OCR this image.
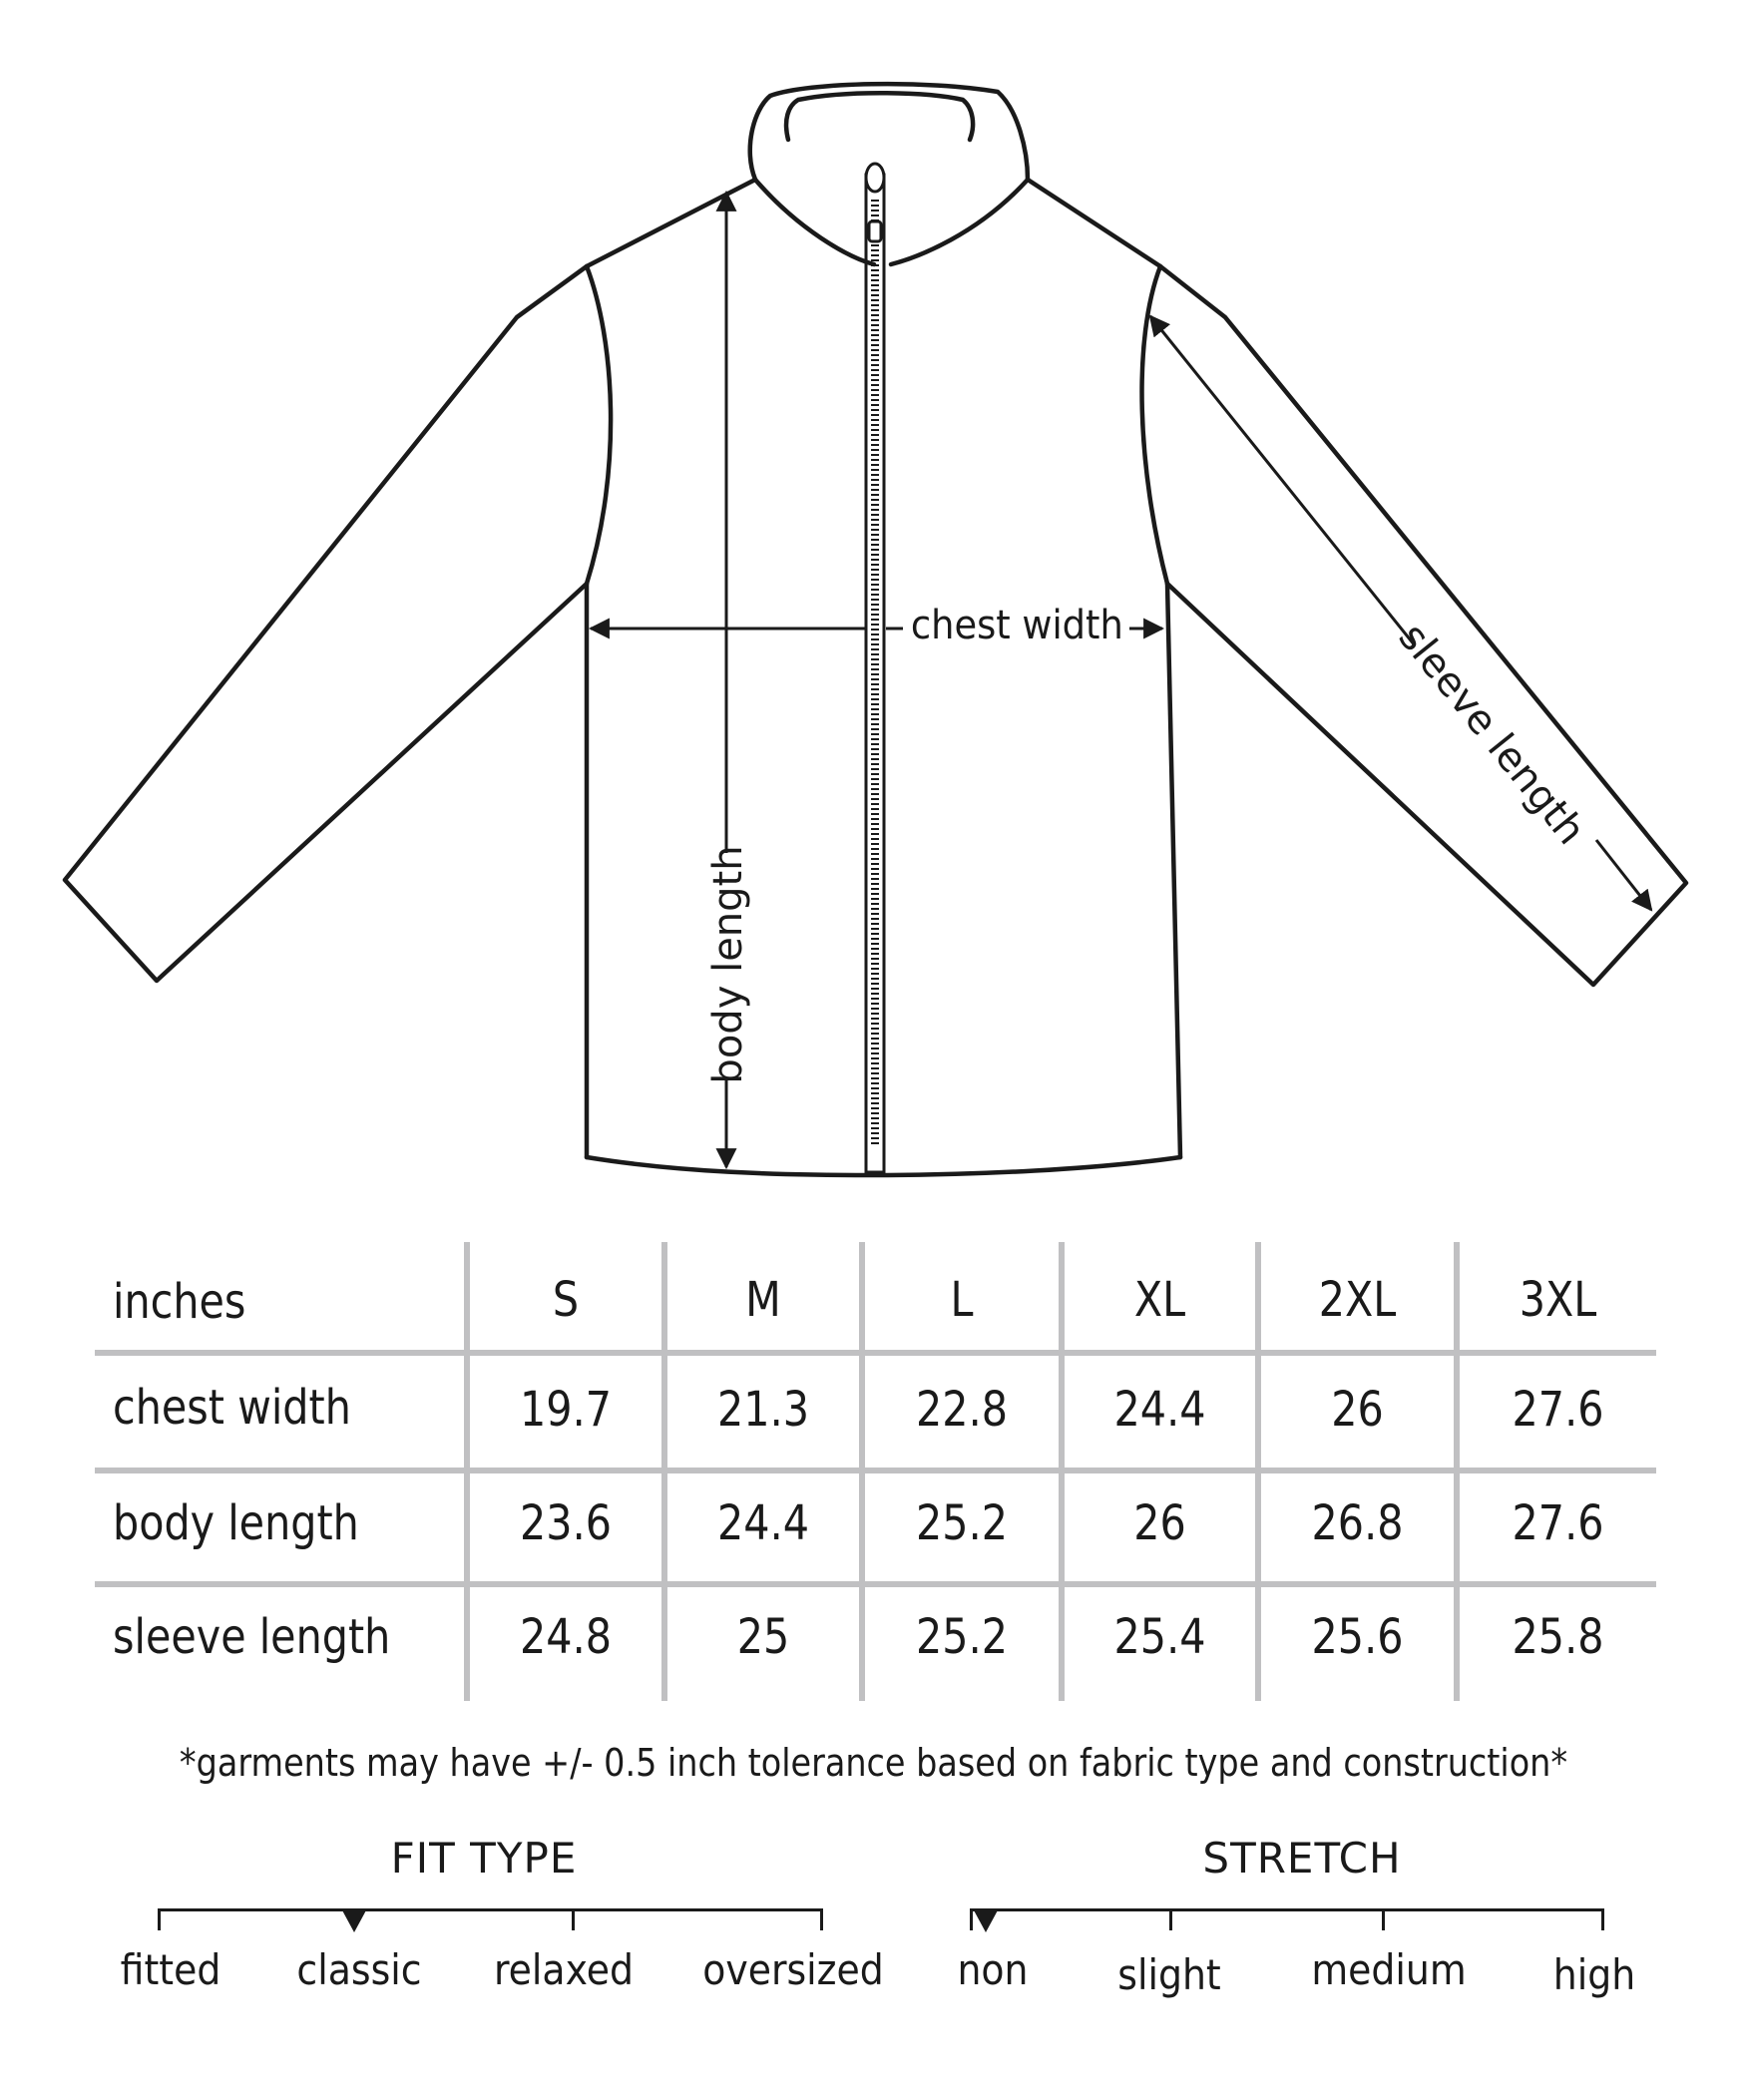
chest width
body length
sleeve length
inches	S	M	L	XL	2XL	3XL
chest width	19.7	21.3	22.8	24.4	26	27.6
body length	23.6	24.4	25.2	26	26.8	27.6
sleeve length	24.8	25	25.2	25.4	25.6	25.8
*garments may have +/- 0.5 inch tolerance based on fabric type and construction*
FIT TYPE
fitted	classic	relaxed	oversized
STRETCH
non	slight	medium	high
